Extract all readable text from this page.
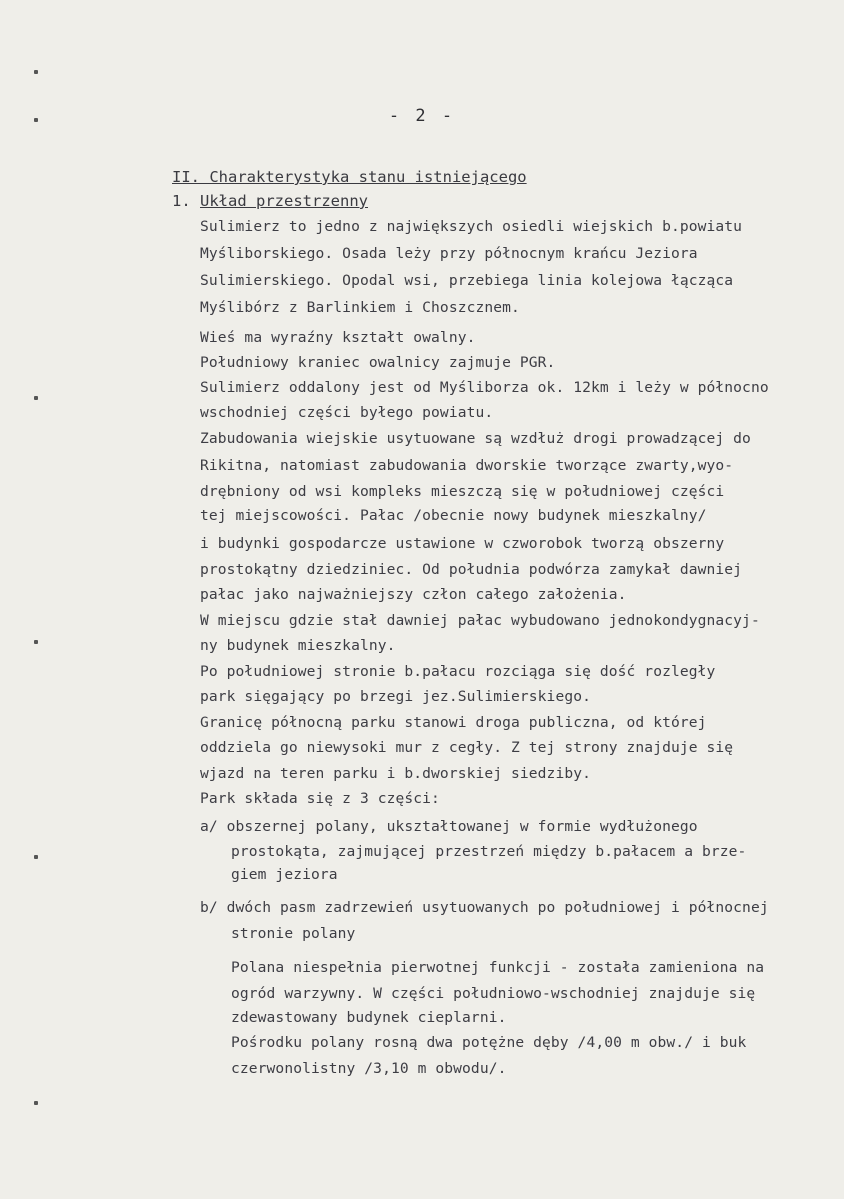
- 2 -
II. Charakterystyka stanu istniejącego
1. Układ przestrzenny
Sulimierz to jedno z największych osiedli wiejskich b.powiatu
Myśliborskiego. Osada leży przy północnym krańcu Jeziora
Sulimierskiego. Opodal wsi, przebiega linia kolejowa łącząca
Myślibórz z Barlinkiem i Choszcznem.
Wieś ma wyraźny kształt owalny.
Południowy kraniec owalnicy zajmuje PGR.
Sulimierz oddalony jest od Myśliborza ok. 12km i leży w północno
wschodniej części byłego powiatu.
Zabudowania wiejskie usytuowane są wzdłuż drogi prowadzącej do
Rikitna, natomiast zabudowania dworskie tworzące zwarty,wyo-
drębniony od wsi kompleks mieszczą się w południowej części
tej miejscowości. Pałac /obecnie nowy budynek mieszkalny/
i budynki gospodarcze ustawione w czworobok tworzą obszerny
prostokątny dziedziniec. Od południa podwórza zamykał dawniej
pałac jako najważniejszy człon całego założenia.
W miejscu gdzie stał dawniej pałac wybudowano jednokondygnacyj-
ny budynek mieszkalny.
Po południowej stronie b.pałacu rozciąga się dość rozległy
park sięgający po brzegi jez.Sulimierskiego.
Granicę północną parku stanowi droga publiczna, od której
oddziela go niewysoki mur z cegły. Z tej strony znajduje się
wjazd na teren parku i b.dworskiej siedziby.
Park składa się z 3 części:
a/ obszernej polany, ukształtowanej w formie wydłużonego
prostokąta, zajmującej przestrzeń między b.pałacem a brze-
giem jeziora
b/ dwóch pasm zadrzewień usytuowanych po południowej i północnej
stronie polany
Polana niespełnia pierwotnej funkcji - została zamieniona na
ogród warzywny. W części południowo-wschodniej znajduje się
zdewastowany budynek cieplarni.
Pośrodku polany rosną dwa potężne dęby /4,00 m obw./ i buk
czerwonolistny /3,10 m obwodu/.
